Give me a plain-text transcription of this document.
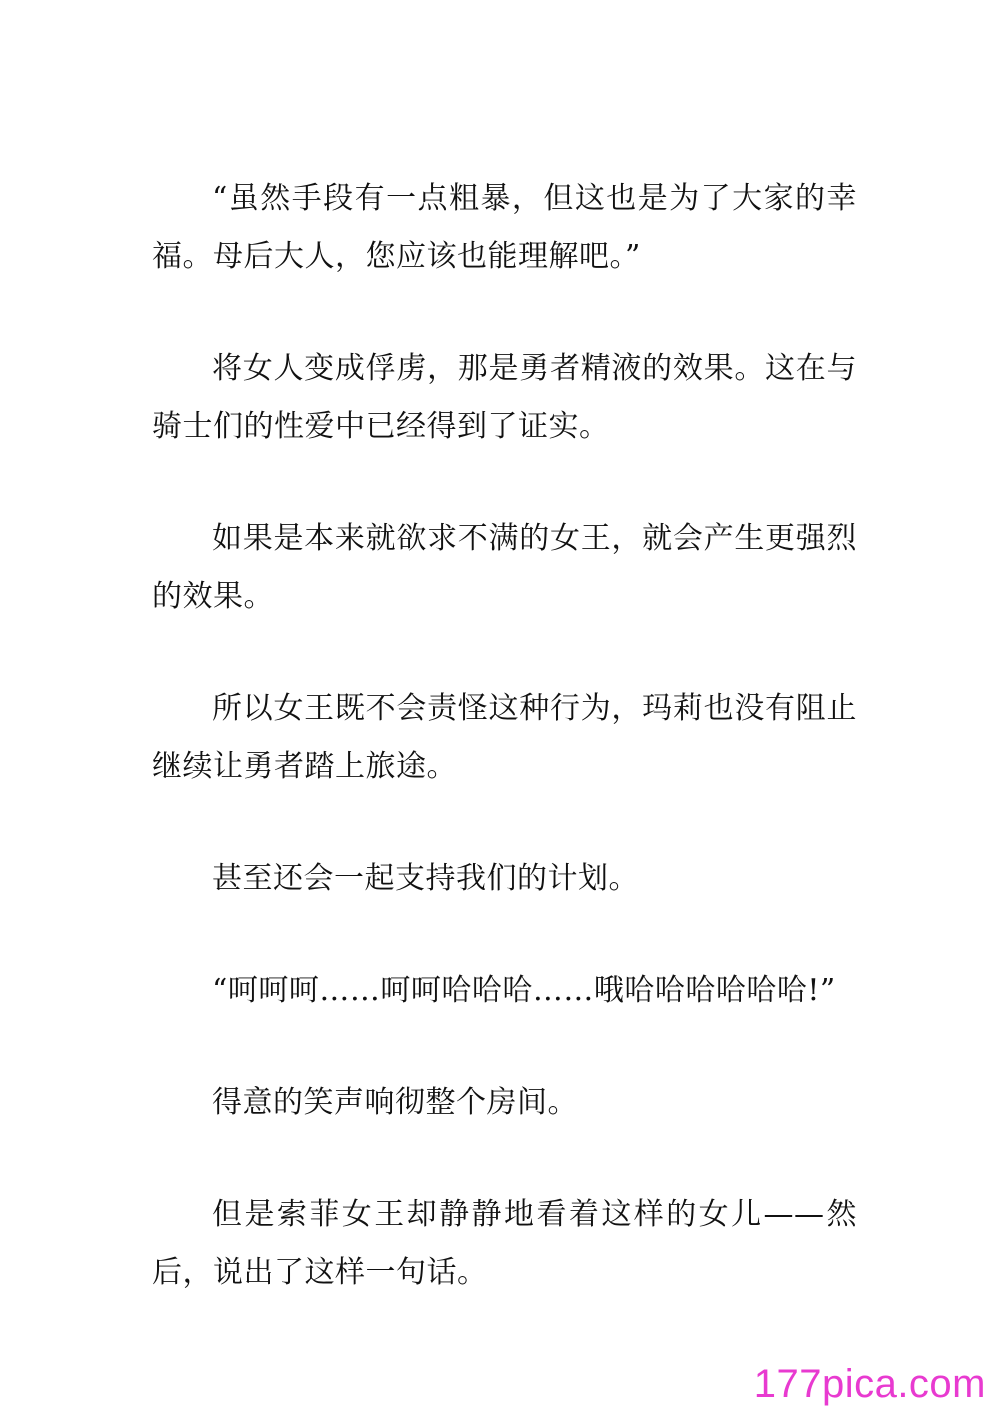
“虽然手段有一点粗暴，但这也是为了大家的幸福。母后大人，您应该也能理解吧。”

将女人变成俘虏，那是勇者精液的效果。这在与骑士们的性爱中已经得到了证实。

如果是本来就欲求不满的女王，就会产生更强烈的效果。

所以女王既不会责怪这种行为，玛莉也没有阻止继续让勇者踏上旅途。

甚至还会一起支持我们的计划。

“呵呵呵……呵呵哈哈哈……哦哈哈哈哈哈哈!”

得意的笑声响彻整个房间。

但是索菲女王却静静地看着这样的女儿——然后，说出了这样一句话。

177pica.com
